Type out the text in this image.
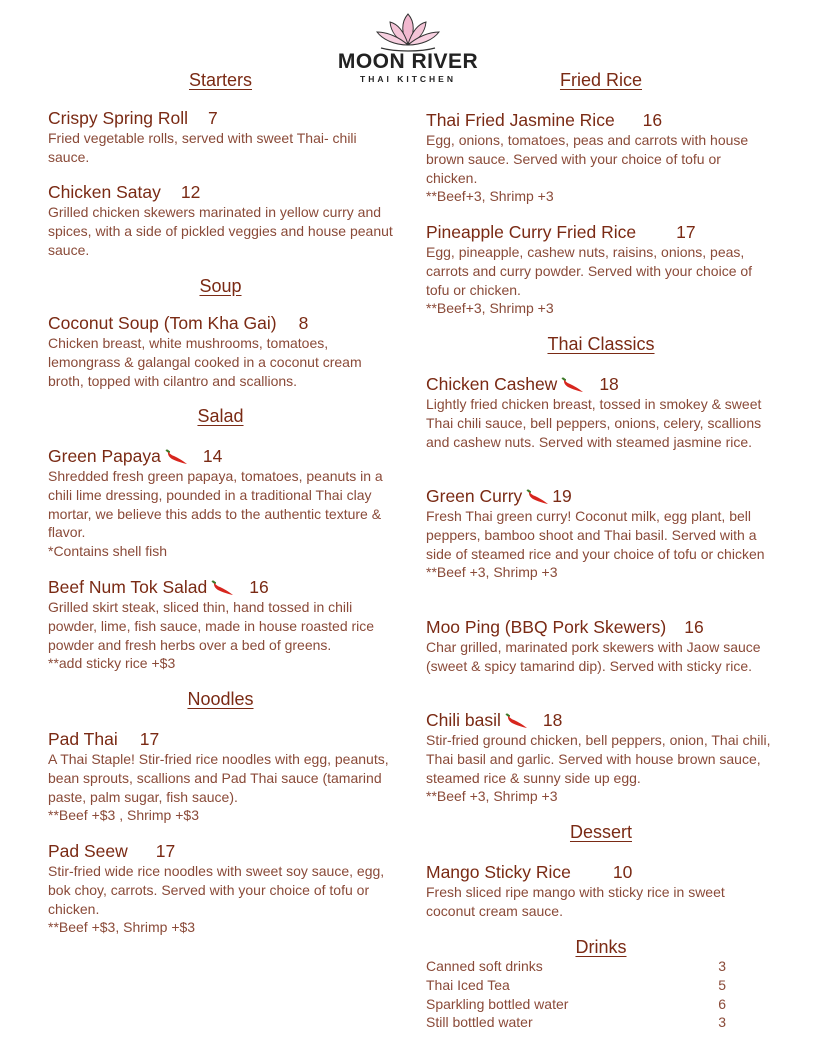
MOON RIVER
THAI KITCHEN
Starters
Crispy Spring Roll 7
Fried vegetable rolls, served with sweet Thai- chili sauce.
Chicken Satay 12
Grilled chicken skewers marinated in yellow curry and spices, with a side of pickled veggies and house peanut sauce.
Soup
Coconut Soup (Tom Kha Gai) 8
Chicken breast, white mushrooms, tomatoes, lemongrass & galangal cooked in a coconut cream broth, topped with cilantro and scallions.
Salad
Green Papaya 14
Shredded fresh green papaya, tomatoes, peanuts in a chili lime dressing, pounded in a traditional Thai clay mortar, we believe this adds to the authentic texture & flavor.
*Contains shell fish
Beef Num Tok Salad 16
Grilled skirt steak, sliced thin, hand tossed in chili powder, lime, fish sauce, made in house roasted rice powder and fresh herbs over a bed of greens.
**add sticky rice +$3
Noodles
Pad Thai 17
A Thai Staple! Stir-fried rice noodles with egg, peanuts, bean sprouts, scallions and Pad Thai sauce (tamarind paste, palm sugar, fish sauce).
**Beef +$3 , Shrimp +$3
Pad Seew 17
Stir-fried wide rice noodles with sweet soy sauce, egg, bok choy, carrots. Served with your choice of tofu or chicken.
**Beef +$3, Shrimp +$3
Fried Rice
Thai Fried Jasmine Rice 16
Egg, onions, tomatoes, peas and carrots with house brown sauce. Served with your choice of tofu or chicken.
**Beef+3, Shrimp +3
Pineapple Curry Fried Rice 17
Egg, pineapple, cashew nuts, raisins, onions, peas, carrots and curry powder. Served with your choice of tofu or chicken.
**Beef+3, Shrimp +3
Thai Classics
Chicken Cashew 18
Lightly fried chicken breast, tossed in smokey & sweet Thai chili sauce, bell peppers, onions, celery, scallions and cashew nuts. Served with steamed jasmine rice.
Green Curry 19
Fresh Thai green curry! Coconut milk, egg plant, bell peppers, bamboo shoot and Thai basil. Served with a side of steamed rice and your choice of tofu or chicken
**Beef +3, Shrimp +3
Moo Ping (BBQ Pork Skewers) 16
Char grilled, marinated pork skewers with Jaow sauce (sweet & spicy tamarind dip). Served with sticky rice.
Chili basil 18
Stir-fried ground chicken, bell peppers, onion, Thai chili, Thai basil and garlic. Served with house brown sauce, steamed rice & sunny side up egg.
**Beef +3, Shrimp +3
Dessert
Mango Sticky Rice 10
Fresh sliced ripe mango with sticky rice in sweet coconut cream sauce.
Drinks
Canned soft drinks	3
Thai Iced Tea	5
Sparkling bottled water	6
Still bottled water	3
